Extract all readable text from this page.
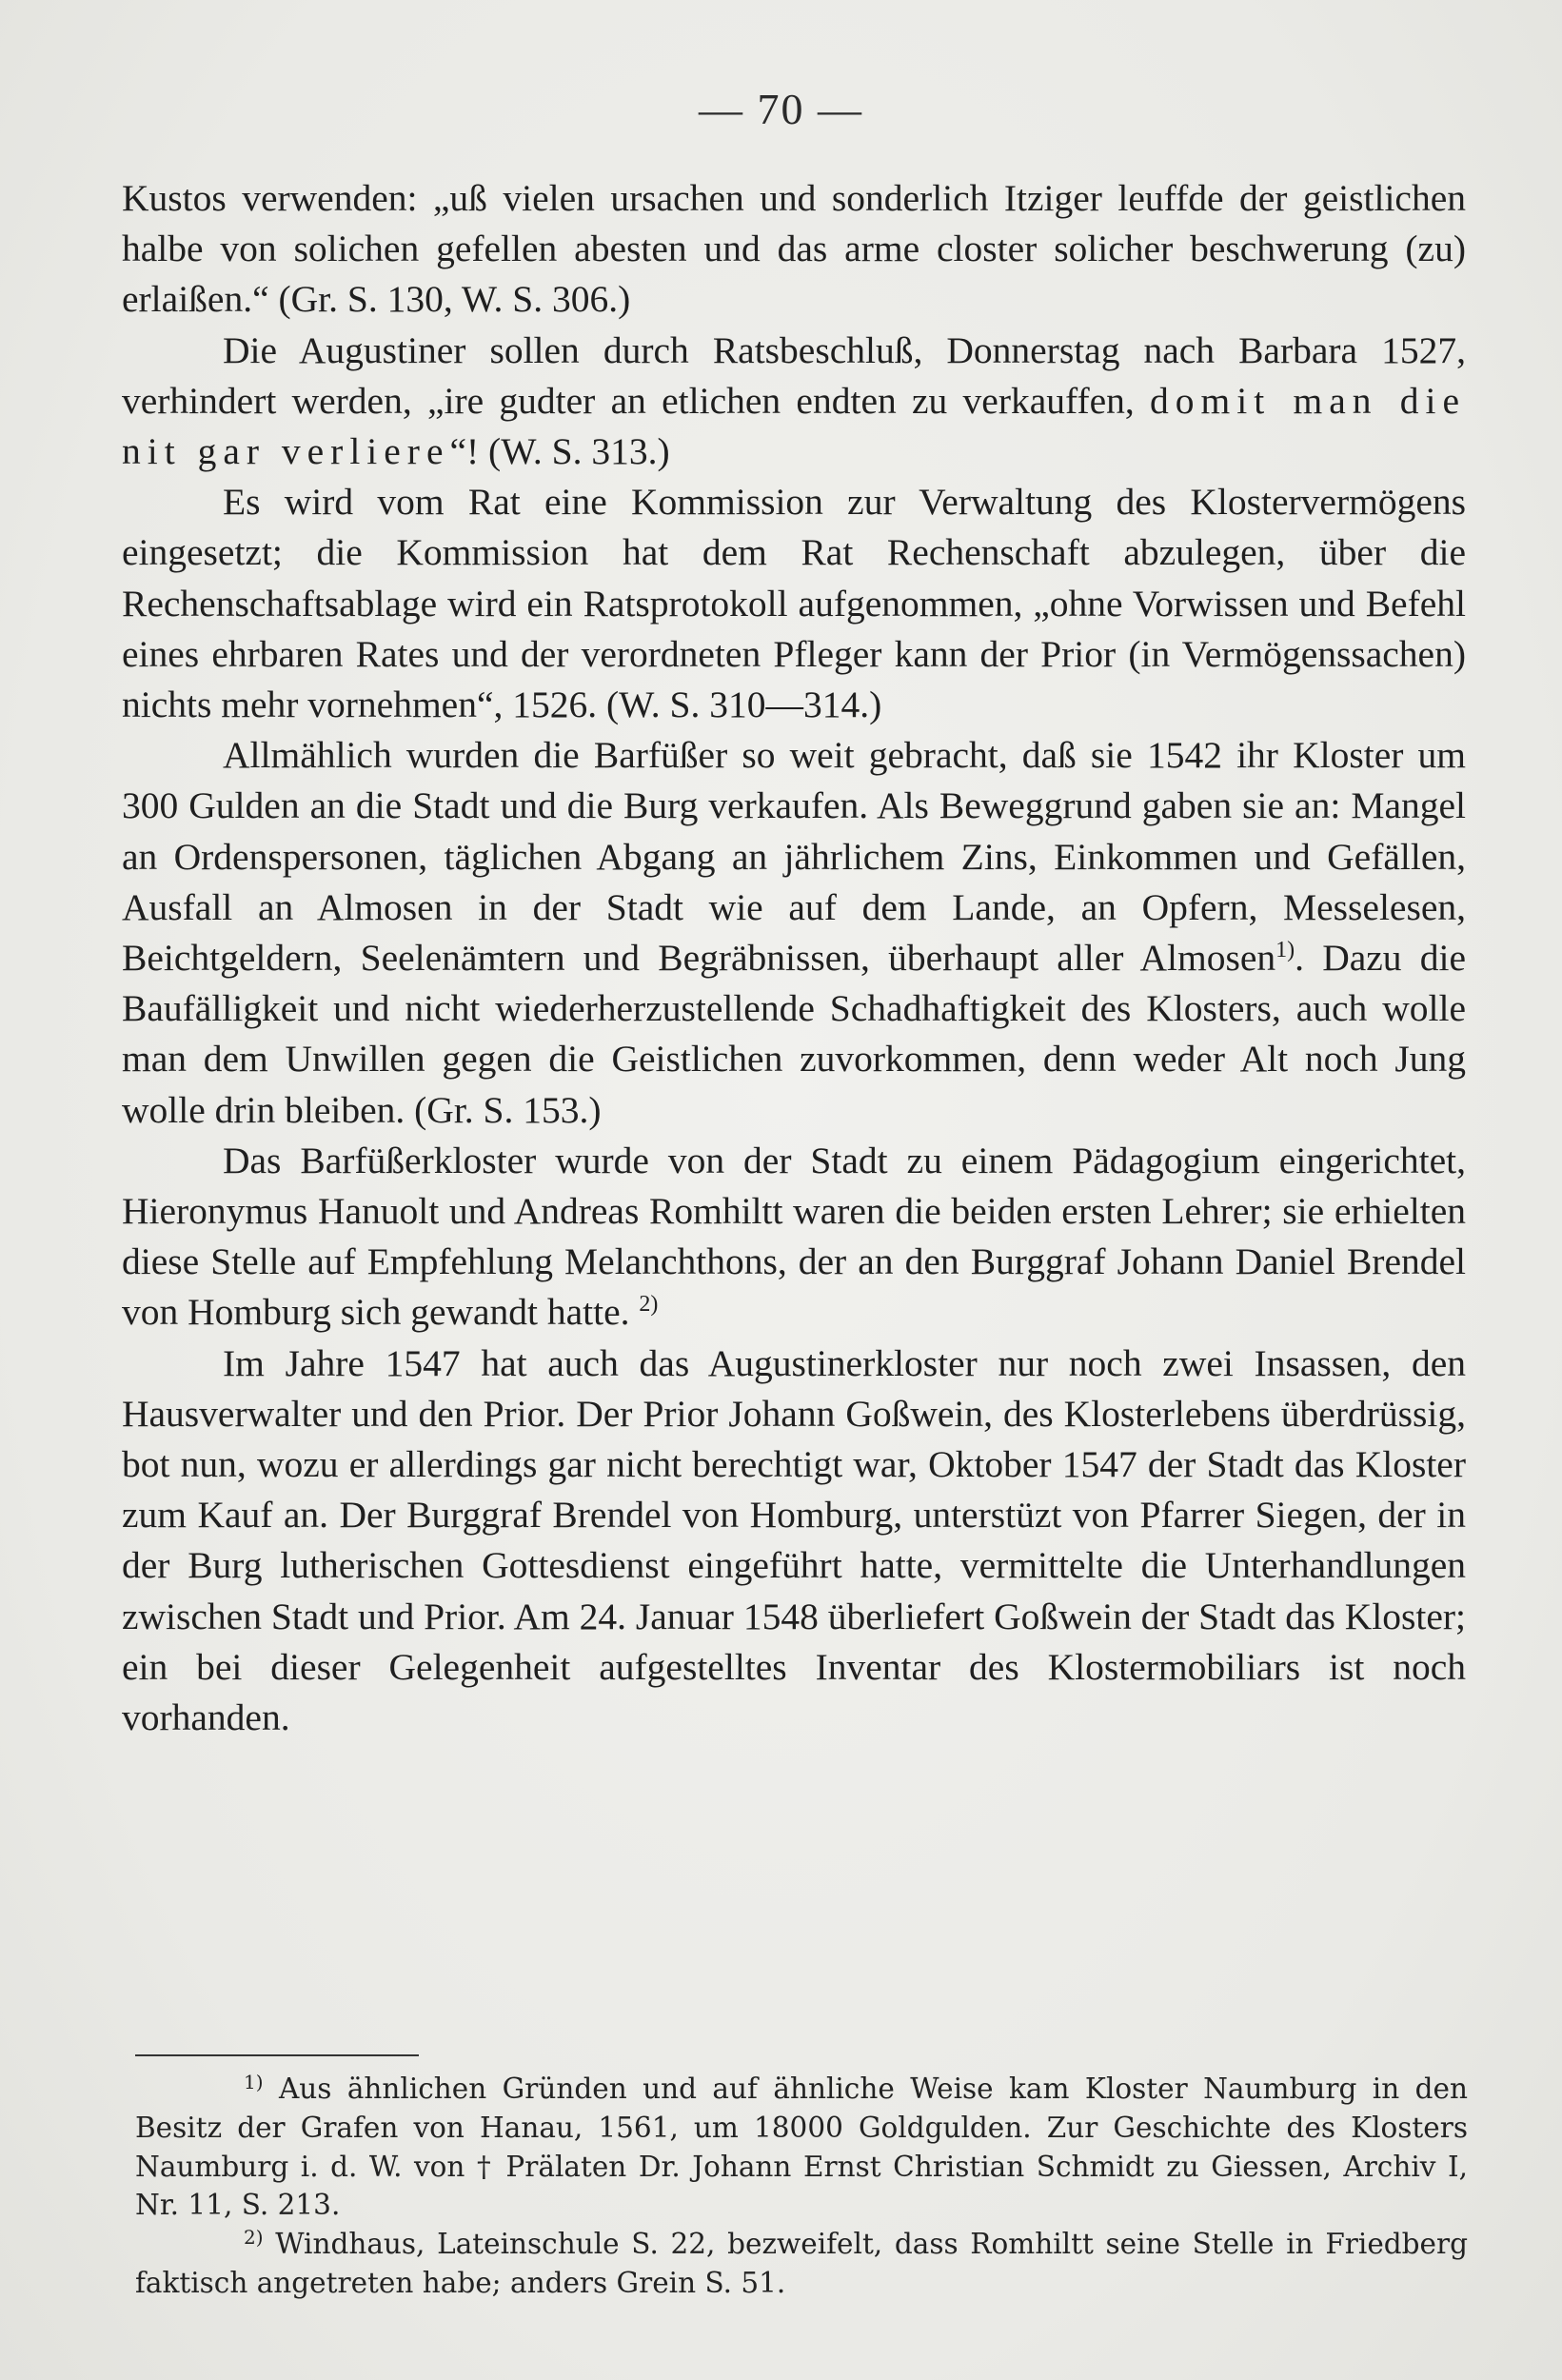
— 70 —

Kustos verwenden: „uß vielen ursachen und sonderlich Itziger leuffde der geistlichen halbe von solichen gefellen abesten und das arme closter solicher beschwerung (zu) erlaißen.“ (Gr. S. 130, W. S. 306.)

Die Augustiner sollen durch Ratsbeschluß, Donnerstag nach Barbara 1527, verhindert werden, „ire gudter an etlichen endten zu verkauffen, domit man die nit gar verliere“! (W. S. 313.)

Es wird vom Rat eine Kommission zur Verwaltung des Klostervermögens eingesetzt; die Kommission hat dem Rat Rechenschaft abzulegen, über die Rechenschaftsablage wird ein Ratsprotokoll aufgenommen, „ohne Vorwissen und Befehl eines ehrbaren Rates und der verordneten Pfleger kann der Prior (in Vermögenssachen) nichts mehr vornehmen“, 1526. (W. S. 310—314.)

Allmählich wurden die Barfüßer so weit gebracht, daß sie 1542 ihr Kloster um 300 Gulden an die Stadt und die Burg verkaufen. Als Beweggrund gaben sie an: Mangel an Ordenspersonen, täglichen Abgang an jährlichem Zins, Einkommen und Gefällen, Ausfall an Almosen in der Stadt wie auf dem Lande, an Opfern, Messelesen, Beichtgeldern, Seelenämtern und Begräbnissen, überhaupt aller Almosen$^{1)}$. Dazu die Baufälligkeit und nicht wiederherzustellende Schadhaftigkeit des Klosters, auch wolle man dem Unwillen gegen die Geistlichen zuvorkommen, denn weder Alt noch Jung wolle drin bleiben. (Gr. S. 153.)

Das Barfüßerkloster wurde von der Stadt zu einem Pädagogium eingerichtet, Hieronymus Hanuolt und Andreas Romhiltt waren die beiden ersten Lehrer; sie erhielten diese Stelle auf Empfehlung Melanchthons, der an den Burggraf Johann Daniel Brendel von Homburg sich gewandt hatte. $^{2)}$

Im Jahre 1547 hat auch das Augustinerkloster nur noch zwei Insassen, den Hausverwalter und den Prior. Der Prior Johann Goßwein, des Klosterlebens überdrüssig, bot nun, wozu er allerdings gar nicht berechtigt war, Oktober 1547 der Stadt das Kloster zum Kauf an. Der Burggraf Brendel von Homburg, unterstüzt von Pfarrer Siegen, der in der Burg lutherischen Gottesdienst eingeführt hatte, vermittelte die Unterhandlungen zwischen Stadt und Prior. Am 24. Januar 1548 überliefert Goßwein der Stadt das Kloster; ein bei dieser Gelegenheit aufgestelltes Inventar des Klostermobiliars ist noch vorhanden.

$^{1)}$ Aus ähnlichen Gründen und auf ähnliche Weise kam Kloster Naumburg in den Besitz der Grafen von Hanau, 1561, um 18000 Goldgulden. Zur Geschichte des Klosters Naumburg i. d. W. von † Prälaten Dr. Johann Ernst Christian Schmidt zu Giessen, Archiv I, Nr. 11, S. 213.

$^{2)}$ Windhaus, Lateinschule S. 22, bezweifelt, dass Romhiltt seine Stelle in Friedberg faktisch angetreten habe; anders Grein S. 51.
